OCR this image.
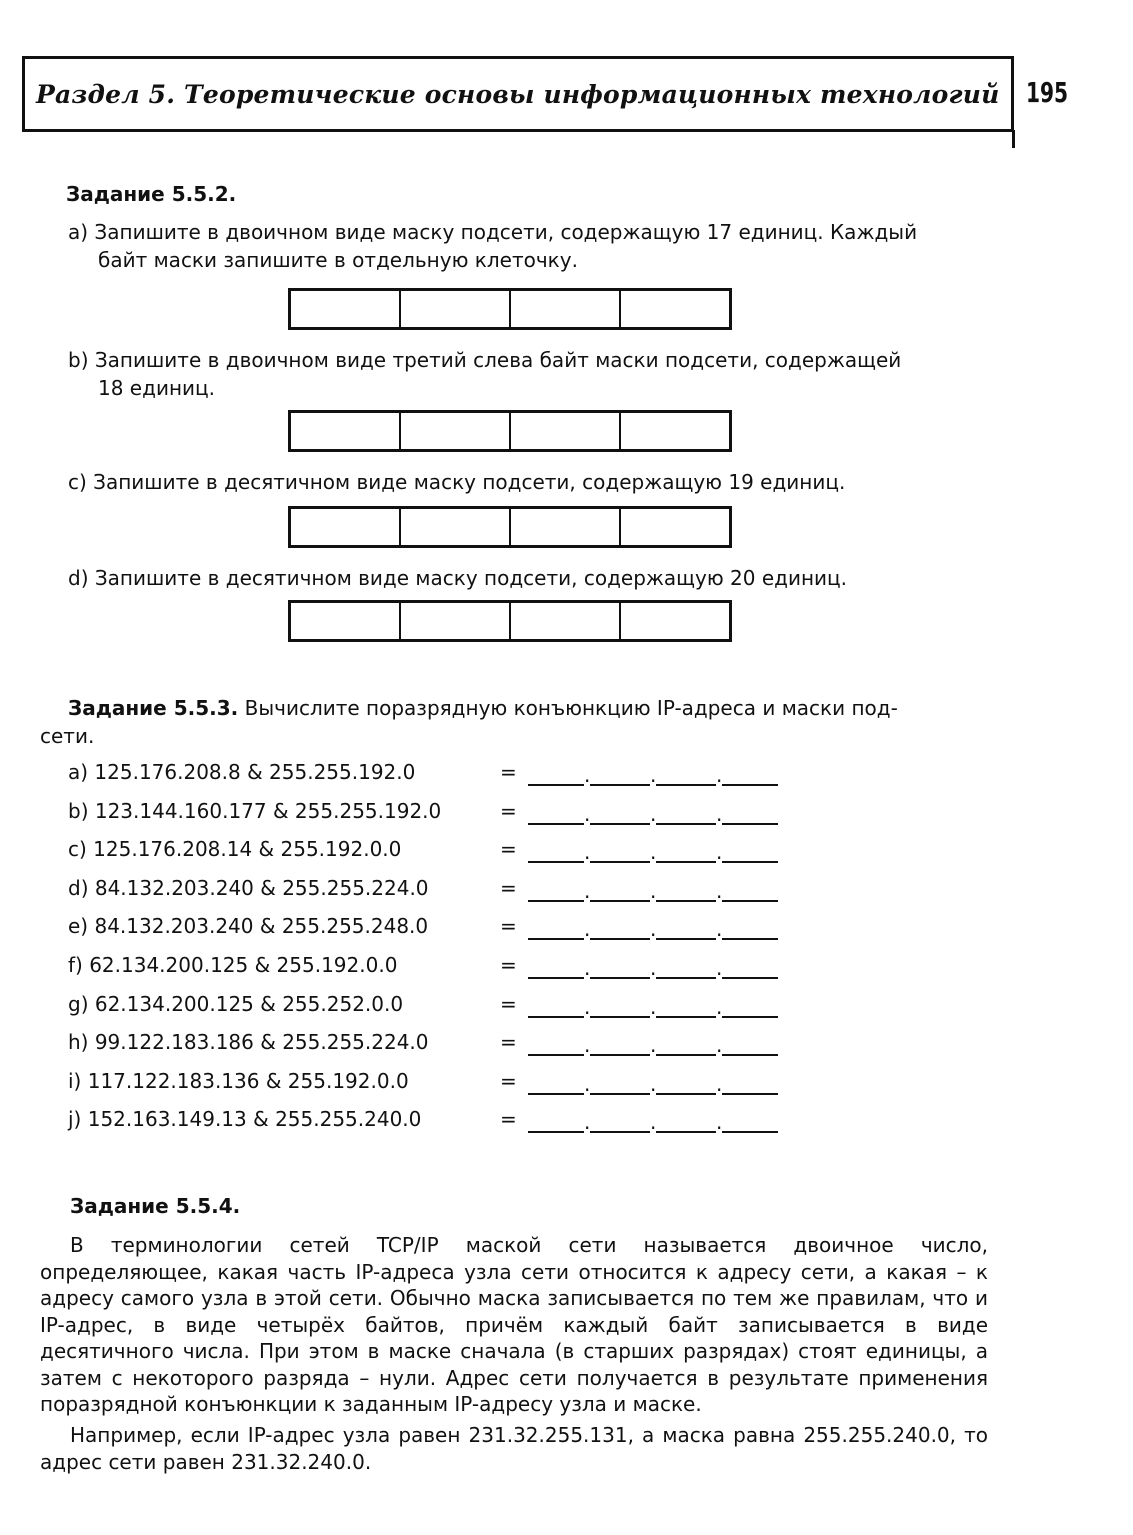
Раздел 5. Теоретические основы информационных технологий 195
Задание 5.5.2.
a) Запишите в двоичном виде маску подсети, содержащую 17 единиц. Каждый
байт маски запишите в отдельную клеточку.
b) Запишите в двоичном виде третий слева байт маски подсети, содержащей
18 единиц.
c) Запишите в десятичном виде маску подсети, содержащую 19 единиц.
d) Запишите в десятичном виде маску подсети, содержащую 20 единиц.
Задание 5.5.3. Вычислите поразрядную конъюнкцию IP-адреса и маски под-
сети.
a) 125.176.208.8 & 255.255.192.0	=	.	.	.
b) 123.144.160.177 & 255.255.192.0	=	.	.	.
c) 125.176.208.14 & 255.192.0.0	=	.	.	.
d) 84.132.203.240 & 255.255.224.0	=	.	.	.
e) 84.132.203.240 & 255.255.248.0	=	.	.	.
f) 62.134.200.125 & 255.192.0.0	=	.	.	.
g) 62.134.200.125 & 255.252.0.0	=	.	.	.
h) 99.122.183.186 & 255.255.224.0	=	.	.	.
i) 117.122.183.136 & 255.192.0.0	=	.	.	.
j) 152.163.149.13 & 255.255.240.0	=	.	.	.
Задание 5.5.4.
В терминологии сетей TCP/IP маской сети называется двоичное число, определяющее, какая часть IP-адреса узла сети относится к адресу сети, а какая – к адресу самого узла в этой сети. Обычно маска записывается по тем же правилам, что и IP-адрес, в виде четырёх байтов, причём каждый байт записывается в виде десятичного числа. При этом в маске сначала (в старших разрядах) стоят единицы, а затем с некоторого разряда – нули. Адрес сети получается в результате применения поразрядной конъюнкции к заданным IP-адресу узла и маске.
Например, если IP-адрес узла равен 231.32.255.131, а маска равна 255.255.240.0, то адрес сети равен 231.32.240.0.
